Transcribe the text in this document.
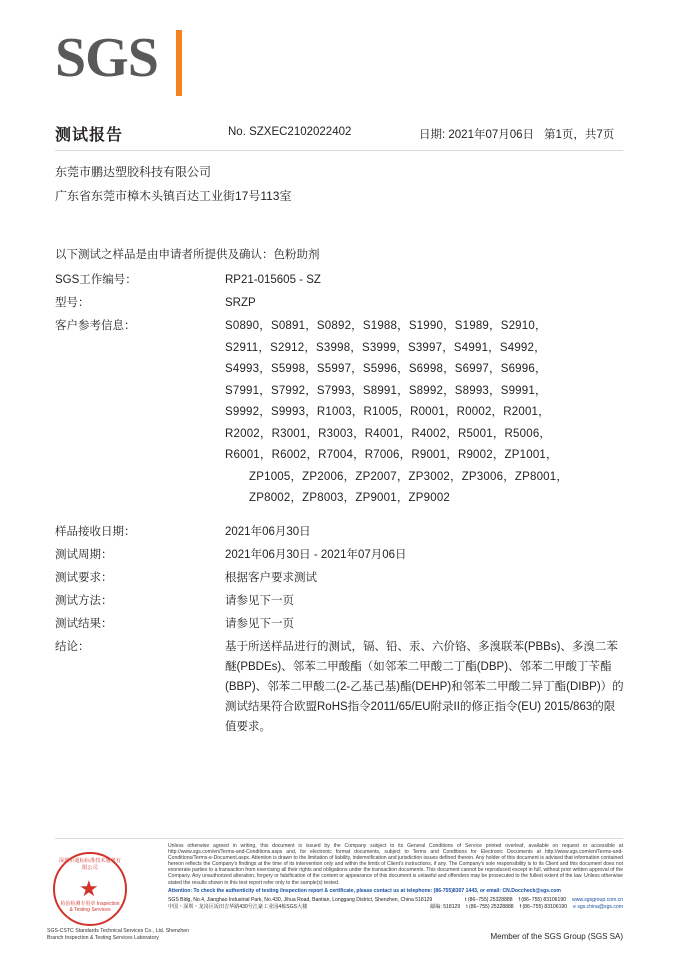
SGS
测试报告	No. SZXEC2102022402	日期: 2021年07月06日 第1页，共7页
东莞市鹏达塑胶科技有限公司
广东省东莞市樟木头镇百达工业街17号113室
以下测试之样品是由申请者所提供及确认：色粉助剂
SGS工作编号：	RP21-015605 - SZ
型号：	SRZP
客户参考信息：	S0890，S0891，S0892，S1988，S1990，S1989，S2910，
S2911，S2912，S3998，S3999，S3997，S4991，S4992，
S4993，S5998，S5997，S5996，S6998，S6997，S6996，
S7991，S7992，S7993，S8991，S8992，S8993，S9991，
S9992，S9993，R1003，R1005，R0001，R0002，R2001，
R2002，R3001，R3003，R4001，R4002，R5001，R5006，
R6001，R6002，R7004，R7006，R9001，R9002，ZP1001，
ZP1005，ZP2006，ZP2007，ZP3002，ZP3006，ZP8001，
ZP8002，ZP8003，ZP9001，ZP9002
样品接收日期：	2021年06月30日
测试周期：	2021年06月30日 - 2021年07月06日
测试要求：	根据客户要求测试
测试方法：	请参见下一页
测试结果：	请参见下一页
结论：	基于所送样品进行的测试，镉、铅、汞、六价铬、多溴联苯(PBBs)、多溴二苯醚(PBDEs)、邻苯二甲酸酯（如邻苯二甲酸二丁酯(DBP)、邻苯二甲酸丁苄酯(BBP)、邻苯二甲酸二(2-乙基己基)酯(DEHP)和邻苯二甲酸二异丁酯(DIBP)）的测试结果符合欧盟RoHS指令2011/65/EU附录II的修正指令(EU) 2015/863的限值要求。
深圳市通标标准技术服务有限公司
★
检验检测专用章 Inspection & Testing Services
SGS-CSTC Standards Technical Services Co., Ltd. Shenzhen Branch Inspection & Testing Services Laboratory
Unless otherwise agreed in writing, this document is issued by the Company subject to its General Conditions of Service printed overleaf, available on request or accessible at http://www.sgs.com/en/Terms-and-Conditions.aspx and, for electronic format documents, subject to Terms and Conditions for Electronic Documents at http://www.sgs.com/en/Terms-and-Conditions/Terms-e-Document.aspx. Attention is drawn to the limitation of liability, indemnification and jurisdiction issues defined therein. Any holder of this document is advised that information contained hereon reflects the Company's findings at the time of its intervention only and within the limits of Client's instructions, if any. The Company's sole responsibility is to its Client and this document does not exonerate parties to a transaction from exercising all their rights and obligations under the transaction documents. This document cannot be reproduced except in full, without prior written approval of the Company. Any unauthorized alteration, forgery or falsification of the content or appearance of this document is unlawful and offenders may be prosecuted to the fullest extent of the law. Unless otherwise stated the results shown in this test report refer only to the sample(s) tested.
Attention: To check the authenticity of testing /inspection report & certificate, please contact us at telephone: (86-755)8307 1443, or email: CN.Doccheck@sgs.com
SGS Bldg, No.4, Jianghao Industrial Park, No.430, Jihua Road, Bantian, Longgang District, Shenzhen, China 518129	t (86−755) 25328888 f (86−755) 83106190 www.sgsgroup.com.cn
中国・深圳・龙岗区坂田吉华路430号江豪工业园4栋SGS大楼	邮编: 518129 t (86−755) 25328888 f (86−755) 83106190 e sgs.china@sgs.com
Member of the SGS Group (SGS SA)
